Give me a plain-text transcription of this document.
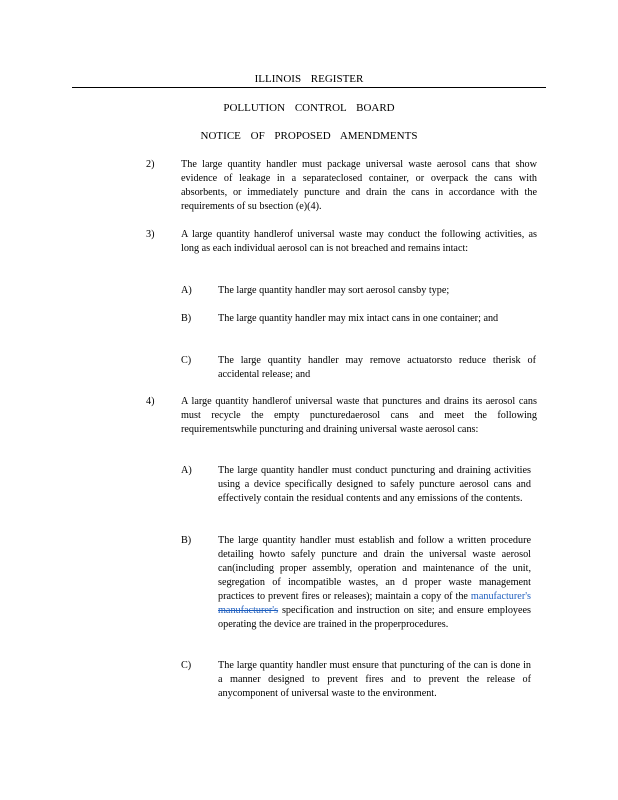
ILLINOIS REGISTER
POLLUTION CONTROL BOARD
NOTICE OF PROPOSED AMENDMENTS
2)	The large quantity handler must package universal waste aerosol cans that show evidence of leakage in a separateclosed container, or overpack the cans with absorbents, or immediately puncture and drain the cans in accordance with the requirements of su bsection (e)(4).
3)	A large quantity handlerof universal waste may conduct the following activities, as long as each individual aerosol can is not breached and remains intact:
A)	The large quantity handler may sort aerosol cansby type;
B)	The large quantity handler may mix intact cans in one container; and
C)	The large quantity handler may remove actuatorsto reduce therisk of accidental release; and
4)	A large quantity handlerof universal waste that punctures and drains its aerosol cans must recycle the empty puncturedaerosol cans and meet the following requirementswhile puncturing and draining universal waste aerosol cans:
A)	The large quantity handler must conduct puncturing and draining activities using a device specifically designed to safely puncture aerosol cans and effectively contain the residual contents and any emissions of the contents.
B)	The large quantity handler must establish and follow a written procedure detailing howto safely puncture and drain the universal waste aerosol can(including proper assembly, operation and maintenance of the unit, segregation of incompatible wastes, an d proper waste management practices to prevent fires or releases); maintain a copy of the manufacturer's manufacturer's specification and instruction on site; and ensure employees operating the device are trained in the properprocedures.
C)	The large quantity handler must ensure that puncturing of the can is done in a manner designed to prevent fires and to prevent the release of anycomponent of universal waste to the environment.
